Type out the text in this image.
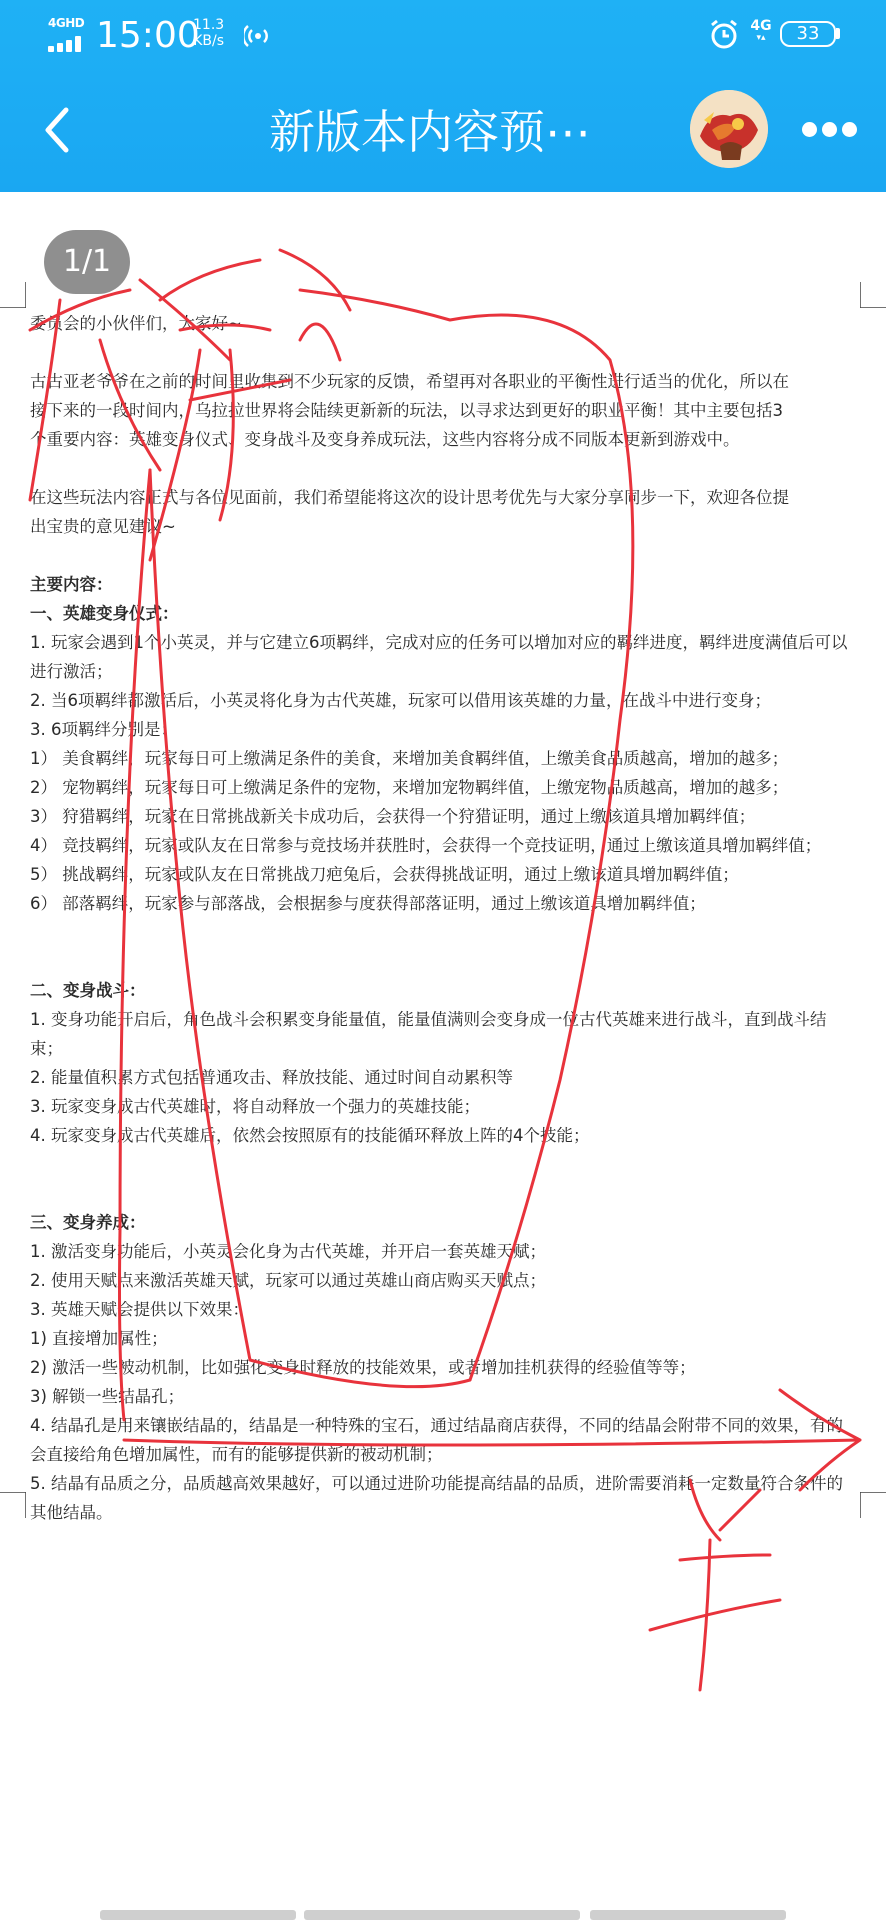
4GHD 15:00
11.3
KB/s
4G
▾▴	33
新版本内容预⋯
1/1
委员会的小伙伴们，大家好~
古古亚老爷爷在之前的时间里收集到不少玩家的反馈，希望再对各职业的平衡性进行适当的优化，所以在
接下来的一段时间内，乌拉拉世界将会陆续更新新的玩法，以寻求达到更好的职业平衡！其中主要包括3
个重要内容：英雄变身仪式、变身战斗及变身养成玩法，这些内容将分成不同版本更新到游戏中。
在这些玩法内容正式与各位见面前，我们希望能将这次的设计思考优先与大家分享同步一下，欢迎各位提
出宝贵的意见建议~
主要内容：
一、英雄变身仪式：
1. 玩家会遇到1个小英灵，并与它建立6项羁绊，完成对应的任务可以增加对应的羁绊进度，羁绊进度满值后可以
进行激活；
2. 当6项羁绊都激活后，小英灵将化身为古代英雄，玩家可以借用该英雄的力量，在战斗中进行变身；
3. 6项羁绊分别是：
1） 美食羁绊，玩家每日可上缴满足条件的美食，来增加美食羁绊值，上缴美食品质越高，增加的越多；
2） 宠物羁绊，玩家每日可上缴满足条件的宠物，来增加宠物羁绊值，上缴宠物品质越高，增加的越多；
3） 狩猎羁绊，玩家在日常挑战新关卡成功后，会获得一个狩猎证明，通过上缴该道具增加羁绊值；
4） 竞技羁绊，玩家或队友在日常参与竞技场并获胜时，会获得一个竞技证明，通过上缴该道具增加羁绊值；
5） 挑战羁绊，玩家或队友在日常挑战刀疤兔后，会获得挑战证明，通过上缴该道具增加羁绊值；
6） 部落羁绊，玩家参与部落战，会根据参与度获得部落证明，通过上缴该道具增加羁绊值；
二、变身战斗：
1. 变身功能开启后，角色战斗会积累变身能量值，能量值满则会变身成一位古代英雄来进行战斗，直到战斗结
束；
2. 能量值积累方式包括普通攻击、释放技能、通过时间自动累积等
3. 玩家变身成古代英雄时，将自动释放一个强力的英雄技能；
4. 玩家变身成古代英雄后，依然会按照原有的技能循环释放上阵的4个技能；
三、变身养成：
1. 激活变身功能后，小英灵会化身为古代英雄，并开启一套英雄天赋；
2. 使用天赋点来激活英雄天赋，玩家可以通过英雄山商店购买天赋点；
3. 英雄天赋会提供以下效果：
1) 直接增加属性；
2) 激活一些被动机制，比如强化变身时释放的技能效果，或者增加挂机获得的经验值等等；
3) 解锁一些结晶孔；
4. 结晶孔是用来镶嵌结晶的，结晶是一种特殊的宝石，通过结晶商店获得，不同的结晶会附带不同的效果，有的
会直接给角色增加属性，而有的能够提供新的被动机制；
5. 结晶有品质之分，品质越高效果越好，可以通过进阶功能提高结晶的品质，进阶需要消耗一定数量符合条件的
其他结晶。
